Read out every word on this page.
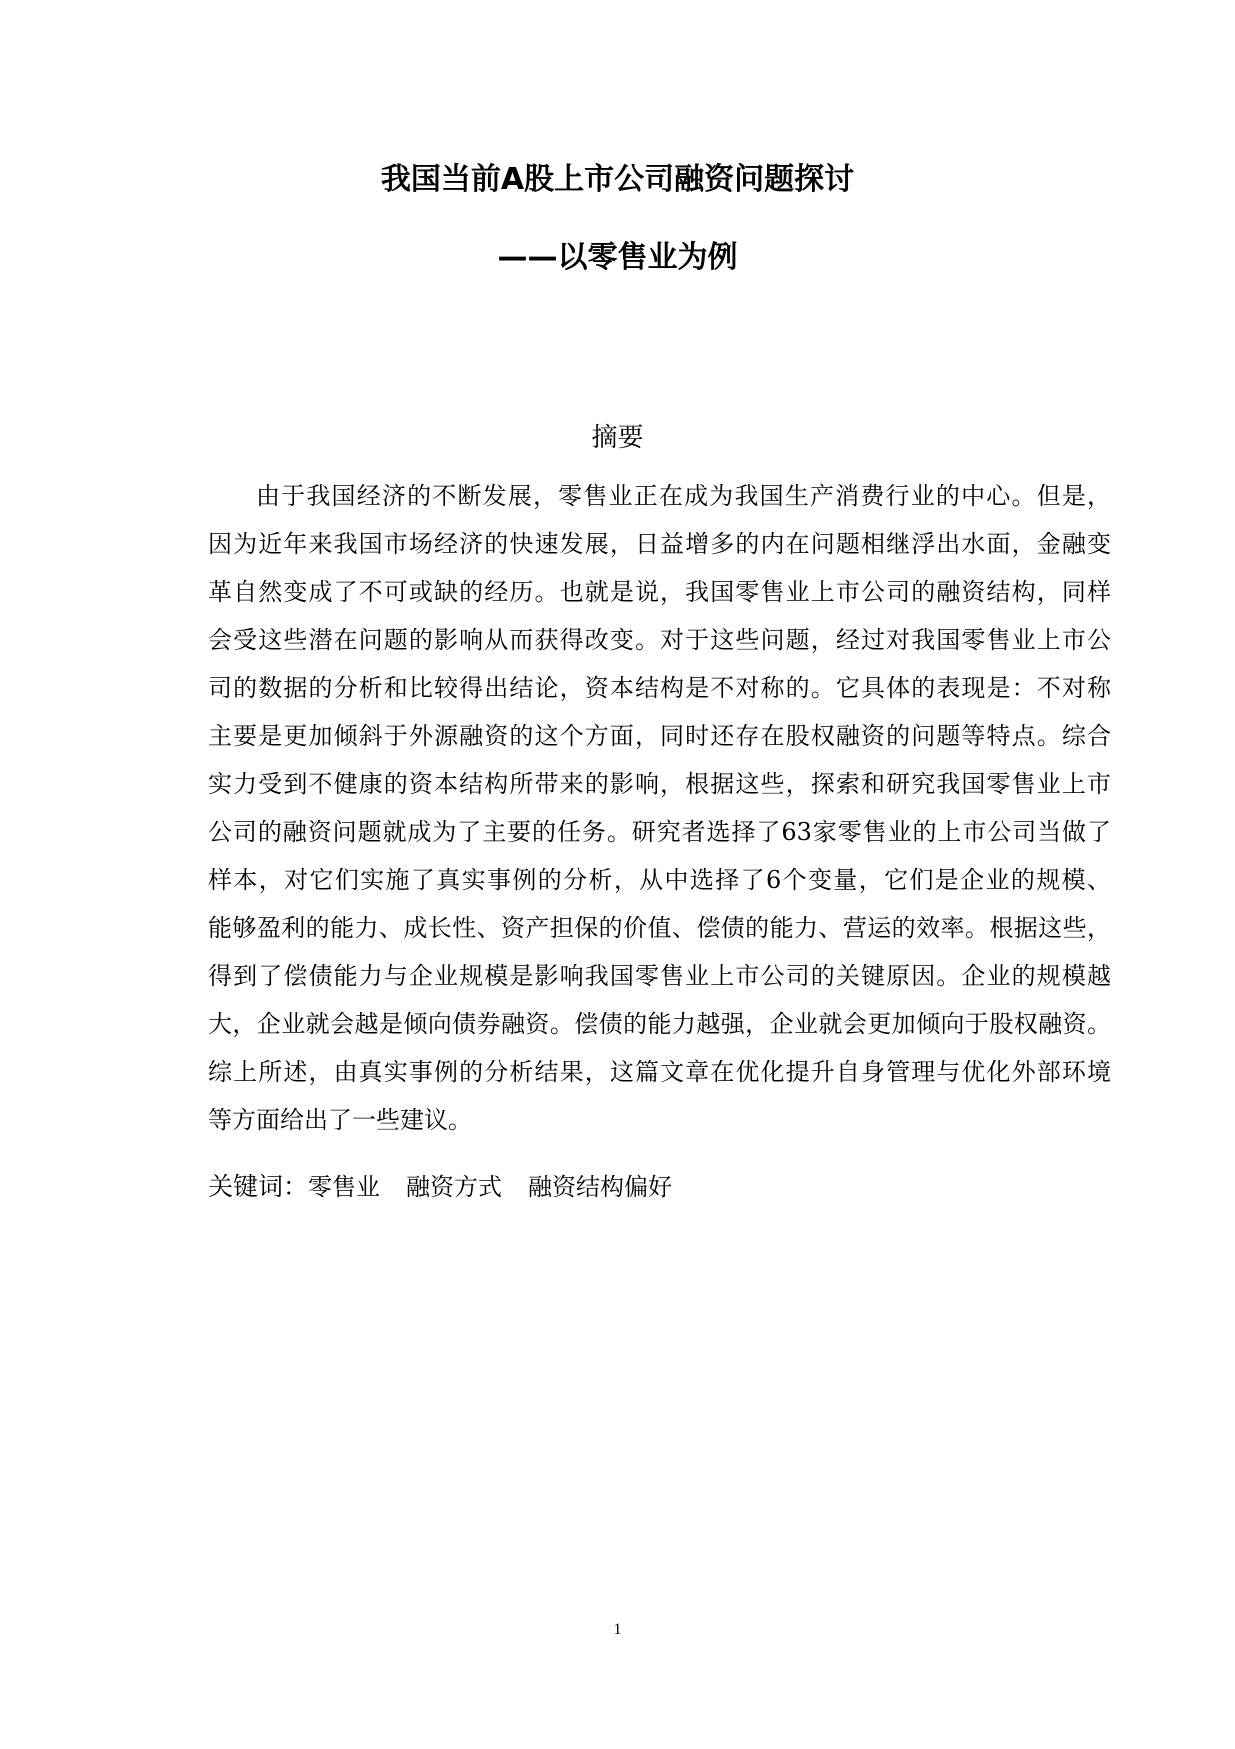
我国当前A股上市公司融资问题探讨
——以零售业为例
摘要
由于我国经济的不断发展，零售业正在成为我国生产消费行业的中心。但是，
因为近年来我国市场经济的快速发展，日益增多的内在问题相继浮出水面，金融变
革自然变成了不可或缺的经历。也就是说，我国零售业上市公司的融资结构，同样
会受这些潜在问题的影响从而获得改变。对于这些问题，经过对我国零售业上市公
司的数据的分析和比较得出结论，资本结构是不对称的。它具体的表现是：不对称
主要是更加倾斜于外源融资的这个方面，同时还存在股权融资的问题等特点。综合
实力受到不健康的资本结构所带来的影响，根据这些，探索和研究我国零售业上市
公司的融资问题就成为了主要的任务。研究者选择了63家零售业的上市公司当做了
样本，对它们实施了真实事例的分析，从中选择了6个变量，它们是企业的规模、
能够盈利的能力、成长性、资产担保的价值、偿债的能力、营运的效率。根据这些，
得到了偿债能力与企业规模是影响我国零售业上市公司的关键原因。企业的规模越
大，企业就会越是倾向债券融资。偿债的能力越强，企业就会更加倾向于股权融资。
综上所述，由真实事例的分析结果，这篇文章在优化提升自身管理与优化外部环境
等方面给出了一些建议。
关键词：零售业 融资方式 融资结构偏好
1
